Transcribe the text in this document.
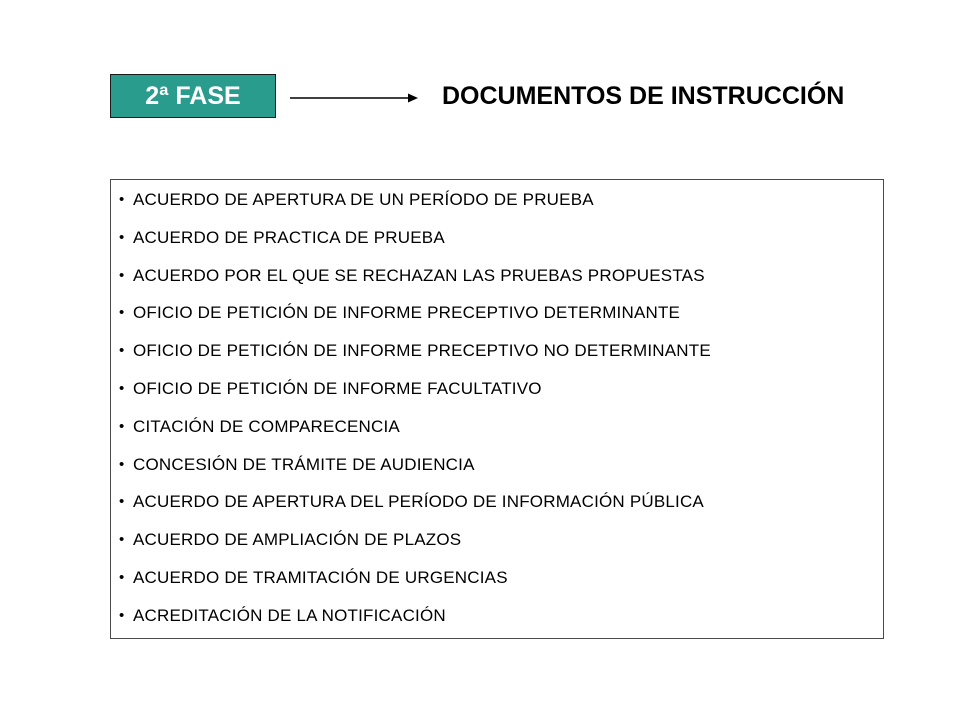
2ª FASE	DOCUMENTOS DE INSTRUCCIÓN
• ACUERDO DE APERTURA DE UN PERÍODO DE PRUEBA
• ACUERDO DE PRACTICA DE PRUEBA
• ACUERDO POR EL QUE SE RECHAZAN LAS PRUEBAS PROPUESTAS
• OFICIO DE PETICIÓN DE INFORME PRECEPTIVO DETERMINANTE
• OFICIO DE PETICIÓN DE INFORME PRECEPTIVO NO DETERMINANTE
• OFICIO DE PETICIÓN DE INFORME FACULTATIVO
• CITACIÓN DE COMPARECENCIA
• CONCESIÓN DE TRÁMITE DE AUDIENCIA
• ACUERDO DE APERTURA DEL PERÍODO DE INFORMACIÓN PÚBLICA
• ACUERDO DE AMPLIACIÓN DE PLAZOS
• ACUERDO DE TRAMITACIÓN DE URGENCIAS
• ACREDITACIÓN DE LA NOTIFICACIÓN
